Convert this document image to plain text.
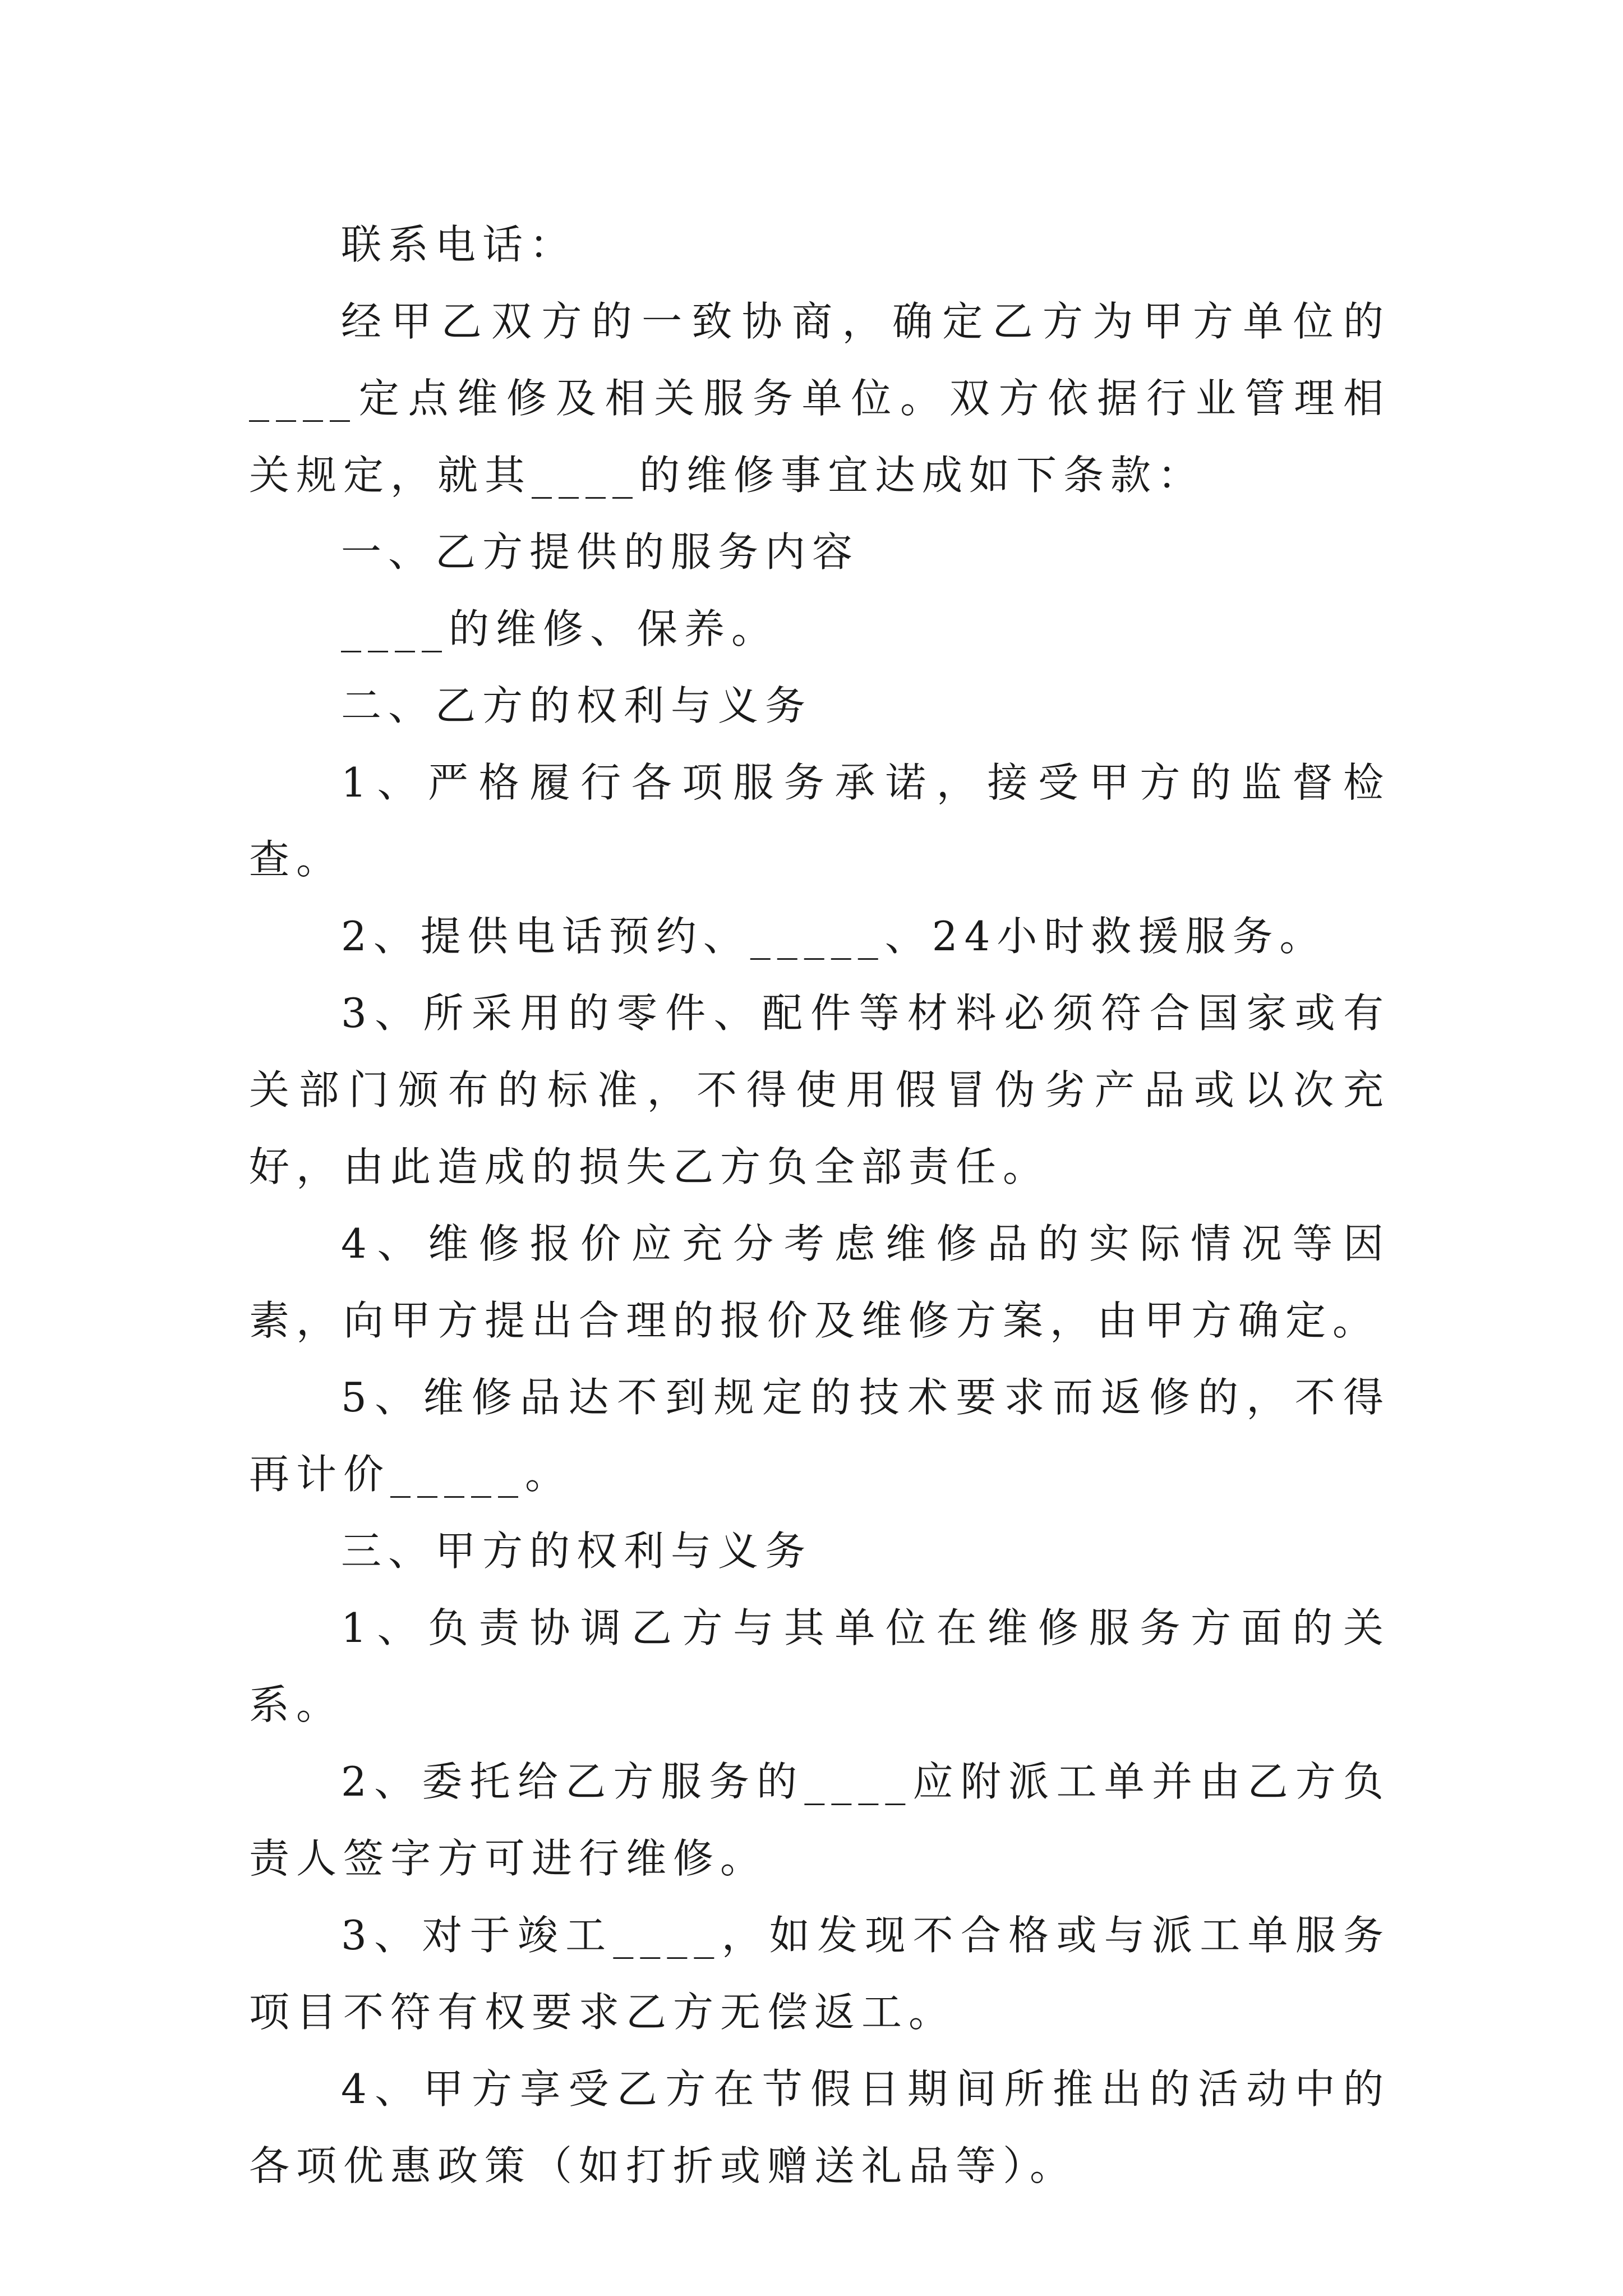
联系电话：

经甲乙双方的一致协商，确定乙方为甲方单位的____定点维修及相关服务单位。双方依据行业管理相关规定，就其____的维修事宜达成如下条款：

一、乙方提供的服务内容

____的维修、保养。

二、乙方的权利与义务

1、严格履行各项服务承诺，接受甲方的监督检查。

2、提供电话预约、_____、24小时救援服务。

3、所采用的零件、配件等材料必须符合国家或有关部门颁布的标准，不得使用假冒伪劣产品或以次充好，由此造成的损失乙方负全部责任。

4、维修报价应充分考虑维修品的实际情况等因素，向甲方提出合理的报价及维修方案，由甲方确定。

5、维修品达不到规定的技术要求而返修的，不得再计价_____。

三、甲方的权利与义务

1、负责协调乙方与其单位在维修服务方面的关系。

2、委托给乙方服务的____应附派工单并由乙方负责人签字方可进行维修。

3、对于竣工____，如发现不合格或与派工单服务项目不符有权要求乙方无偿返工。

4、甲方享受乙方在节假日期间所推出的活动中的各项优惠政策（如打折或赠送礼品等）。
